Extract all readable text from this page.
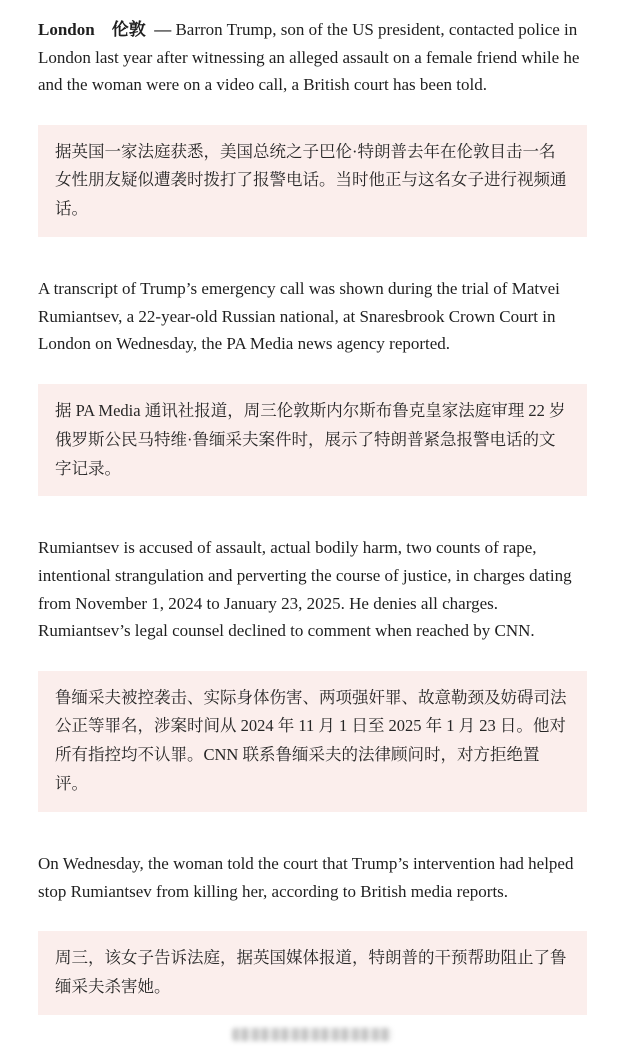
London 伦敦 — Barron Trump, son of the US president, contacted police in London last year after witnessing an alleged assault on a female friend while he and the woman were on a video call, a British court has been told.

据英国一家法庭获悉，美国总统之子巴伦·特朗普去年在伦敦目击一名女性朋友疑似遭袭时拨打了报警电话。当时他正与这名女子进行视频通话。

A transcript of Trump’s emergency call was shown during the trial of Matvei Rumiantsev, a 22-year-old Russian national, at Snaresbrook Crown Court in London on Wednesday, the PA Media news agency reported.

据 PA Media 通讯社报道，周三伦敦斯内尔斯布鲁克皇家法庭审理 22 岁俄罗斯公民马特维·鲁缅采夫案件时，展示了特朗普紧急报警电话的文字记录。

Rumiantsev is accused of assault, actual bodily harm, two counts of rape, intentional strangulation and perverting the course of justice, in charges dating from November 1, 2024 to January 23, 2025. He denies all charges. Rumiantsev’s legal counsel declined to comment when reached by CNN.

鲁缅采夫被控袭击、实际身体伤害、两项强奸罪、故意勒颈及妨碍司法公正等罪名，涉案时间从 2024 年 11 月 1 日至 2025 年 1 月 23 日。他对所有指控均不认罪。CNN 联系鲁缅采夫的法律顾问时，对方拒绝置评。

On Wednesday, the woman told the court that Trump’s intervention had helped stop Rumiantsev from killing her, according to British media reports.

周三，该女子告诉法庭，据英国媒体报道，特朗普的干预帮助阻止了鲁缅采夫杀害她。
